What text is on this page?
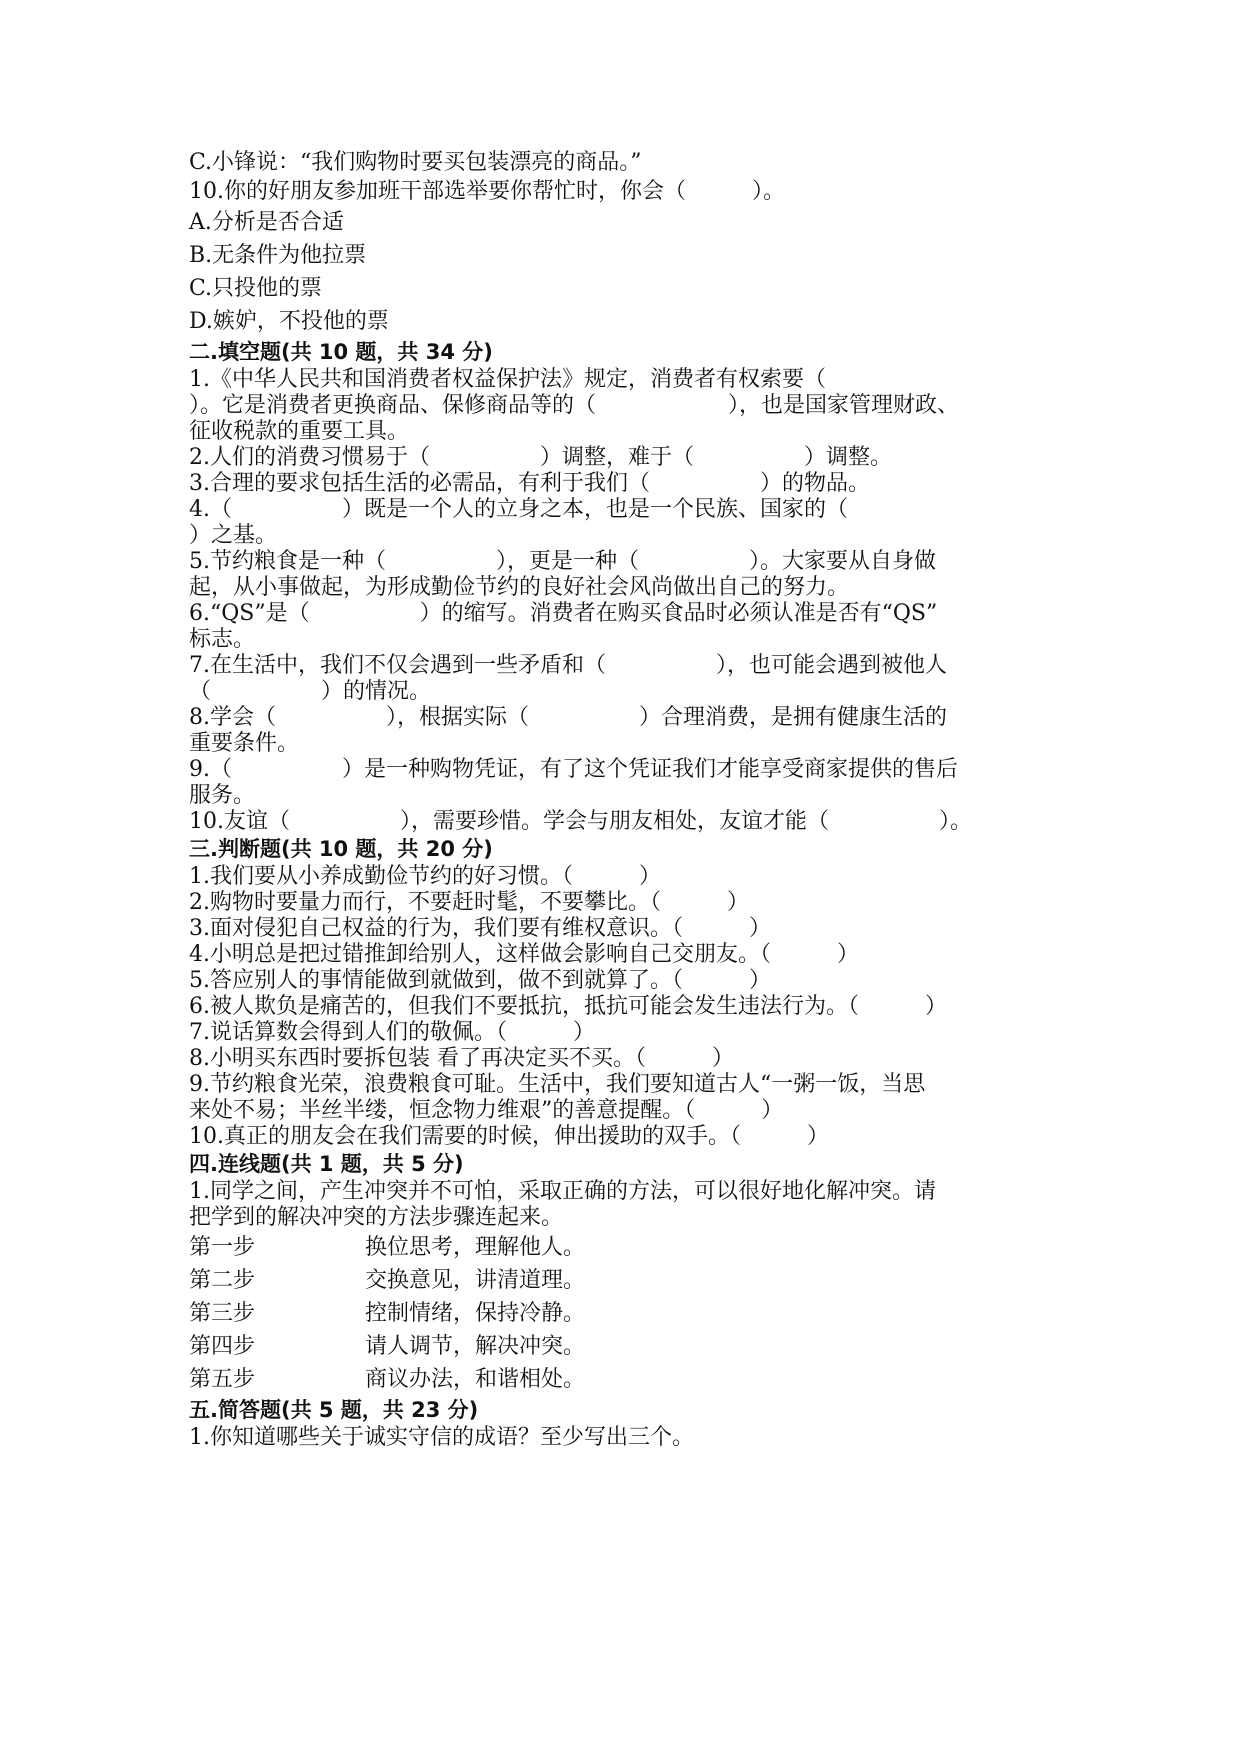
C.小锋说：“我们购物时要买包装漂亮的商品。”
10.你的好朋友参加班干部选举要你帮忙时，你会（　　　）。
A.分析是否合适
B.无条件为他拉票
C.只投他的票
D.嫉妒，不投他的票
二.填空题(共 10 题，共 34 分)
1.《中华人民共和国消费者权益保护法》规定，消费者有权索要（
）。它是消费者更换商品、保修商品等的（　　　　　　），也是国家管理财政、
征收税款的重要工具。
2.人们的消费习惯易于（　　　　　）调整，难于（　　　　　）调整。
3.合理的要求包括生活的必需品，有利于我们（　　　　　）的物品。
4.（　　　　　）既是一个人的立身之本，也是一个民族、国家的（
）之基。
5.节约粮食是一种（　　　　　），更是一种（　　　　　）。大家要从自身做
起，从小事做起，为形成勤俭节约的良好社会风尚做出自己的努力。
6.“QS”是（　　　　　）的缩写。消费者在购买食品时必须认准是否有“QS”
标志。
7.在生活中，我们不仅会遇到一些矛盾和（　　　　　），也可能会遇到被他人
（　　　　　）的情况。
8.学会（　　　　　），根据实际（　　　　　）合理消费，是拥有健康生活的
重要条件。
9.（　　　　　）是一种购物凭证，有了这个凭证我们才能享受商家提供的售后
服务。
10.友谊（　　　　　），需要珍惜。学会与朋友相处，友谊才能（　　　　　）。
三.判断题(共 10 题，共 20 分)
1.我们要从小养成勤俭节约的好习惯。（　　　）
2.购物时要量力而行，不要赶时髦，不要攀比。（　　　）
3.面对侵犯自己权益的行为，我们要有维权意识。（　　　）
4.小明总是把过错推卸给别人，这样做会影响自己交朋友。（　　　）
5.答应别人的事情能做到就做到，做不到就算了。（　　　）
6.被人欺负是痛苦的，但我们不要抵抗，抵抗可能会发生违法行为。（　　　）
7.说话算数会得到人们的敬佩。（　　　）
8.小明买东西时要拆包装 看了再决定买不买。（　　　）
9.节约粮食光荣，浪费粮食可耻。生活中，我们要知道古人“一粥一饭，当思
来处不易；半丝半缕，恒念物力维艰”的善意提醒。（　　　）
10.真正的朋友会在我们需要的时候，伸出援助的双手。（　　　）
四.连线题(共 1 题，共 5 分)
1.同学之间，产生冲突并不可怕，采取正确的方法，可以很好地化解冲突。请
把学到的解决冲突的方法步骤连起来。
第一步	换位思考，理解他人。
第二步	交换意见，讲清道理。
第三步	控制情绪，保持冷静。
第四步	请人调节，解决冲突。
第五步	商议办法，和谐相处。
五.简答题(共 5 题，共 23 分)
1.你知道哪些关于诚实守信的成语？至少写出三个。
